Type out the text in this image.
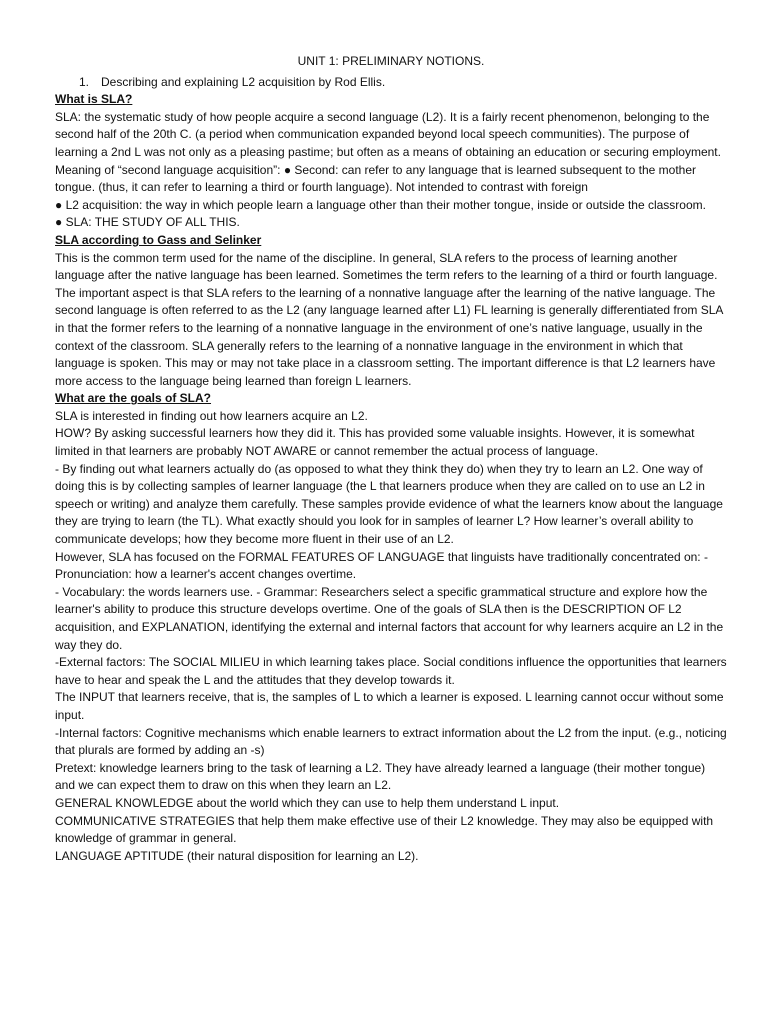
UNIT 1: PRELIMINARY NOTIONS.
1. Describing and explaining L2 acquisition by Rod Ellis.
What is SLA?

SLA: the systematic study of how people acquire a second language (L2). It is a fairly recent phenomenon, belonging to the second half of the 20th C. (a period when communication expanded beyond local speech communities). The purpose of learning a 2nd L was not only as a pleasing pastime; but often as a means of obtaining an education or securing employment.

Meaning of “second language acquisition”: ● Second: can refer to any language that is learned subsequent to the mother tongue. (thus, it can refer to learning a third or fourth language). Not intended to contrast with foreign

● L2 acquisition: the way in which people learn a language other than their mother tongue, inside or outside the classroom.

● SLA: THE STUDY OF ALL THIS.

SLA according to Gass and Selinker

This is the common term used for the name of the discipline. In general, SLA refers to the process of learning another language after the native language has been learned. Sometimes the term refers to the learning of a third or fourth language. The important aspect is that SLA refers to the learning of a nonnative language after the learning of the native language. The second language is often referred to as the L2 (any language learned after L1) FL learning is generally differentiated from SLA in that the former refers to the learning of a nonnative language in the environment of one’s native language, usually in the context of the classroom. SLA generally refers to the learning of a nonnative language in the environment in which that language is spoken. This may or may not take place in a classroom setting. The important difference is that L2 learners have more access to the language being learned than foreign L learners.

What are the goals of SLA?

SLA is interested in finding out how learners acquire an L2.

HOW? By asking successful learners how they did it. This has provided some valuable insights. However, it is somewhat limited in that learners are probably NOT AWARE or cannot remember the actual process of language.

- By finding out what learners actually do (as opposed to what they think they do) when they try to learn an L2. One way of doing this is by collecting samples of learner language (the L that learners produce when they are called on to use an L2 in speech or writing) and analyze them carefully. These samples provide evidence of what the learners know about the language they are trying to learn (the TL). What exactly should you look for in samples of learner L? How learner’s overall ability to communicate develops; how they become more fluent in their use of an L2.

However, SLA has focused on the FORMAL FEATURES OF LANGUAGE that linguists have traditionally concentrated on: - Pronunciation: how a learner's accent changes overtime.

- Vocabulary: the words learners use. - Grammar: Researchers select a specific grammatical structure and explore how the learner's ability to produce this structure develops overtime. One of the goals of SLA then is the DESCRIPTION OF L2 acquisition, and EXPLANATION, identifying the external and internal factors that account for why learners acquire an L2 in the way they do.

-External factors: The SOCIAL MILIEU in which learning takes place. Social conditions influence the opportunities that learners have to hear and speak the L and the attitudes that they develop towards it.

The INPUT that learners receive, that is, the samples of L to which a learner is exposed. L learning cannot occur without some input.

-Internal factors: Cognitive mechanisms which enable learners to extract information about the L2 from the input. (e.g., noticing that plurals are formed by adding an -s)

Pretext: knowledge learners bring to the task of learning a L2. They have already learned a language (their mother tongue) and we can expect them to draw on this when they learn an L2.

GENERAL KNOWLEDGE about the world which they can use to help them understand L input.

COMMUNICATIVE STRATEGIES that help them make effective use of their L2 knowledge. They may also be equipped with knowledge of grammar in general.

LANGUAGE APTITUDE (their natural disposition for learning an L2).
